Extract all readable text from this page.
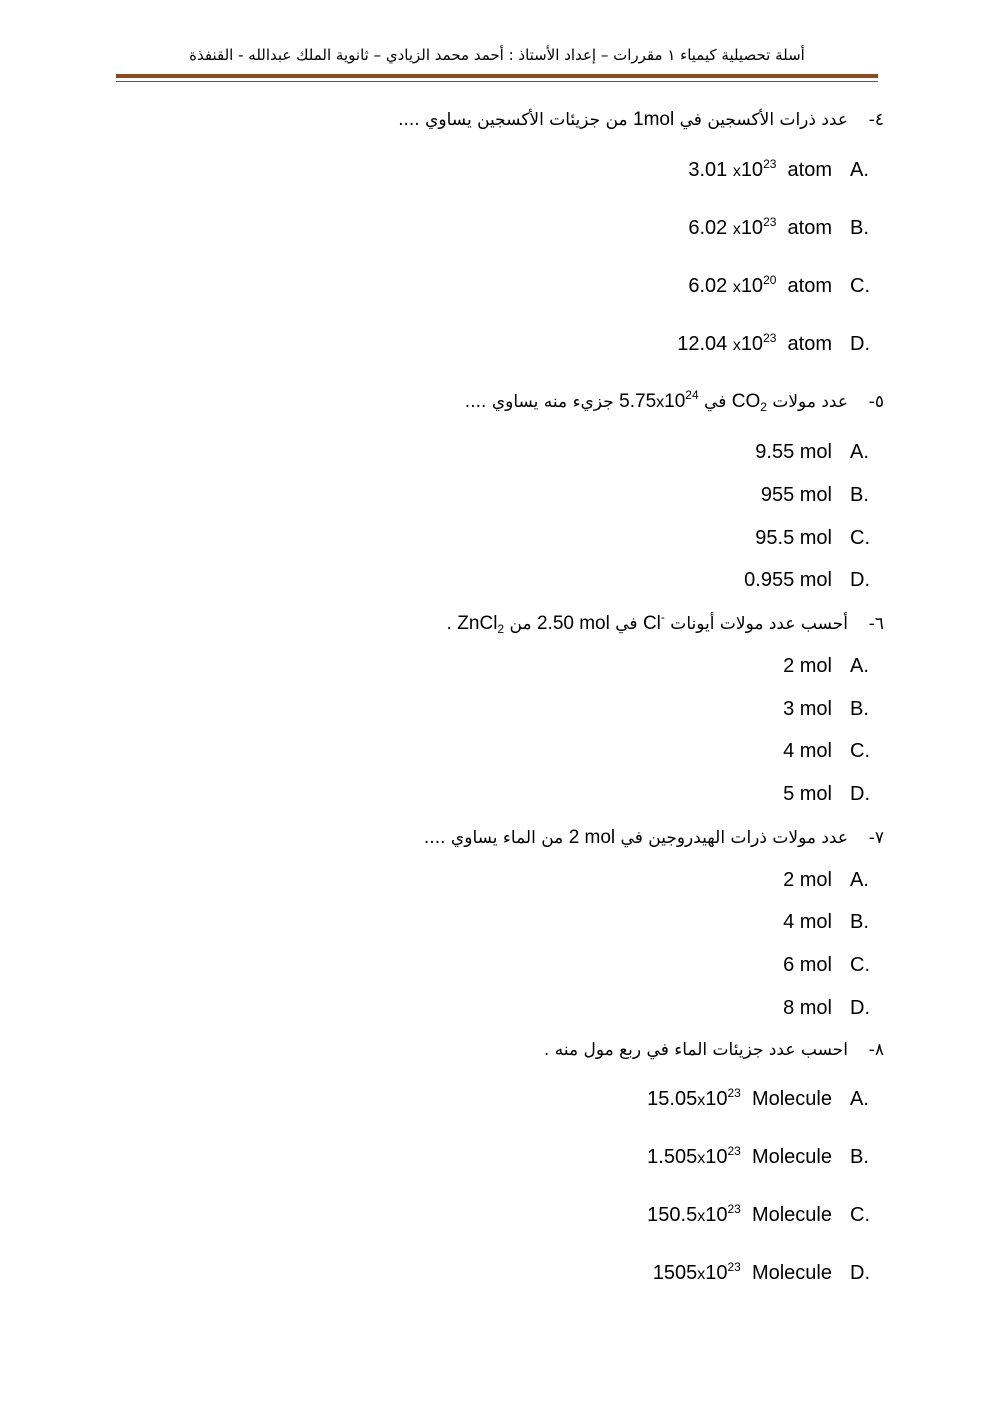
أسلة تحصيلية كيمياء ١ مقررات – إعداد الأستاذ : أحمد محمد الزيادي – ثانوية الملك عبدالله - القنفذة
٤-عدد ذرات الأكسجين في 1mol من جزيئات الأكسجين يساوي ....
3.01 $x10^{23}$  atom A.
6.02 $x10^{23}$  atom B.
6.02 $x10^{20}$  atom C.
12.04 $x10^{23}$  atom D.
٥-عدد مولات $CO_2$ في $5.75x10^{24}$ جزيء منه يساوي ....
9.55 mol A.
955 mol B.
95.5 mol C.
0.955 mol D.
٦-أحسب عدد مولات أيونات Cl- في 2.50 mol من ZnCl$_2$ .
2 mol A.
3 mol B.
4 mol C.
5 mol D.
٧-عدد مولات ذرات الهيدروجين في 2 mol من الماء يساوي ....
2 mol A.
4 mol B.
6 mol C.
8 mol D.
٨-احسب عدد جزيئات الماء في ربع مول منه .
$15.05x10^{23}$  Molecule A.
$1.505x10^{23}$  Molecule B.
$150.5x10^{23}$  Molecule C.
$1505x10^{23}$  Molecule D.
